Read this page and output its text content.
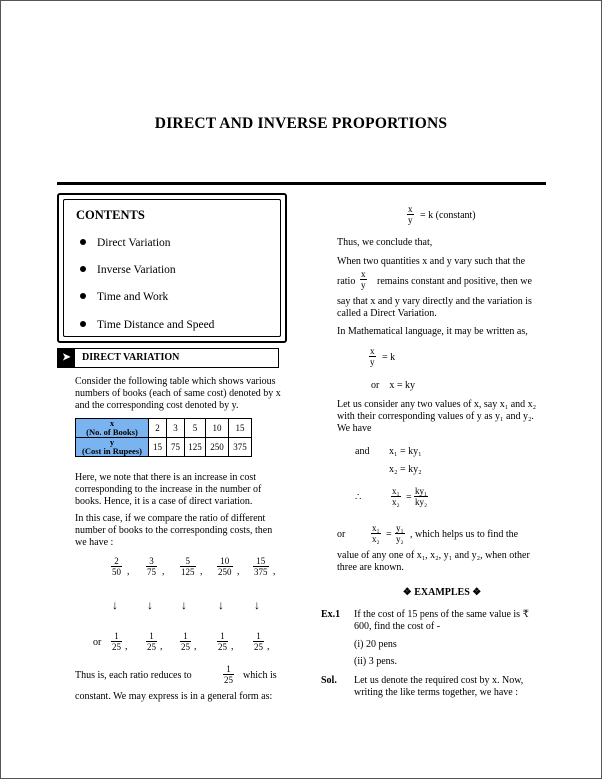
DIRECT AND INVERSE PROPORTIONS
CONTENTS
Direct Variation
Inverse Variation
Time and Work
Time Distance and Speed
➤	DIRECT VARIATION
Consider the following table which shows various numbers of books (each of same cost) denoted by x and the corresponding cost denoted by y.
x
(No. of Books)	2	3	5	10	15

y
(Cost in Rupees)	15	75	125	250	375
Here, we note that there is an increase in cost corresponding to the increase in the number of books. Hence, it is a case of direct variation.
In this case, if we compare the ratio of different number of books to the corresponding costs, then we have :
$\frac{2}{50}$ , $\frac{3}{75}$ , $\frac{5}{125}$ , $\frac{10}{250}$ , $\frac{15}{375}$ ,
↓ ↓ ↓	↓	↓
or $\frac{1}{25}$ , $\frac{1}{25}$ , $\frac{1}{25}$ , $\frac{1}{25}$ , $\frac{1}{25}$ ,
Thus is, each ratio reduces to	$\frac{1}{25}$ which is
constant. We may express is in a general form as:
$\frac{x}{y} = k$ (constant)
Thus, we conclude that,
When two quantities x and y vary such that the
ratio $\frac{x}{y}$ remains constant and positive, then we
say that x and y vary directly and the variation is called a Direct Variation.
In Mathematical language, it may be written as,
$\frac{x}{y} = k$
or    x = ky
Let us consider any two values of x, say x₁ and x₂ with their corresponding values of y as y₁ and y₂. We have
and x₁ = ky₁
x₂ = ky₂
∴	$\frac{\text{x₁}}{\text{x₂}} = \frac{\text{ky₁}}{\text{ky₂}}$
or	$\frac{\text{x₁}}{\text{x₂}} = \frac{\text{y₁}}{\text{y₂}}$ , which helps us to find the
value of any one of x₁, x₂, y₁ and y₂, when other three are known.
❖ EXAMPLES ❖
Ex.1 If the cost of 15 pens of the same value is ₹ 600, find the cost of -
(i) 20 pens
(ii) 3 pens.
Sol. Let us denote the required cost by x. Now, writing the like terms together, we have :
